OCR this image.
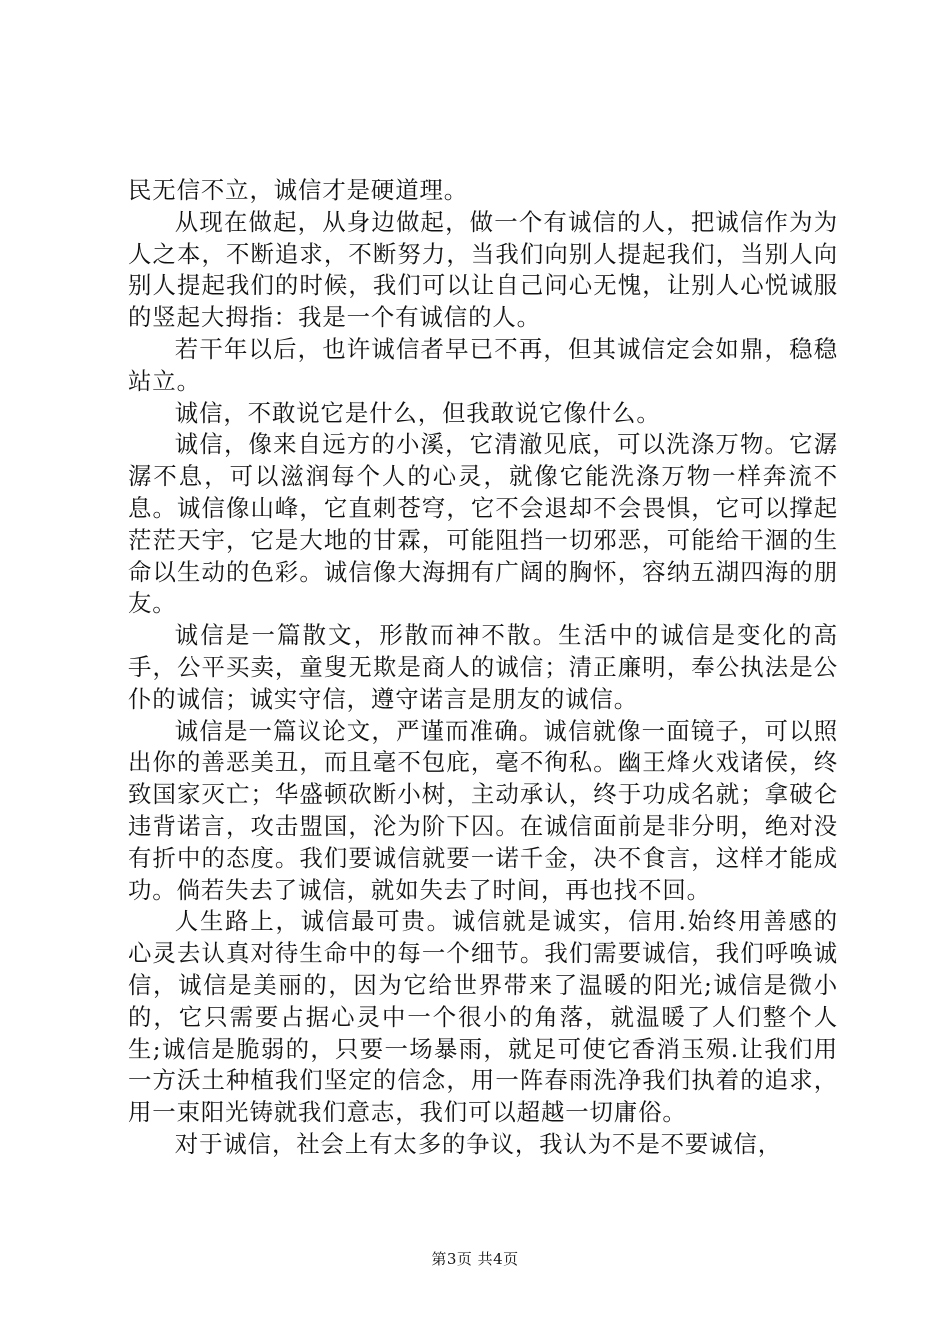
民无信不立，诚信才是硬道理。

从现在做起，从身边做起，做一个有诚信的人，把诚信作为为人之本，不断追求，不断努力，当我们向别人提起我们，当别人向别人提起我们的时候，我们可以让自己问心无愧，让别人心悦诚服的竖起大拇指：我是一个有诚信的人。

若干年以后，也许诚信者早已不再，但其诚信定会如鼎，稳稳站立。

诚信，不敢说它是什么，但我敢说它像什么。

诚信，像来自远方的小溪，它清澈见底，可以洗涤万物。它潺潺不息，可以滋润每个人的心灵，就像它能洗涤万物一样奔流不息。诚信像山峰，它直刺苍穹，它不会退却不会畏惧，它可以撑起茫茫天宇，它是大地的甘霖，可能阻挡一切邪恶，可能给干涸的生命以生动的色彩。诚信像大海拥有广阔的胸怀，容纳五湖四海的朋友。

诚信是一篇散文，形散而神不散。生活中的诚信是变化的高手，公平买卖，童叟无欺是商人的诚信；清正廉明，奉公执法是公仆的诚信；诚实守信，遵守诺言是朋友的诚信。

诚信是一篇议论文，严谨而准确。诚信就像一面镜子，可以照出你的善恶美丑，而且毫不包庇，毫不徇私。幽王烽火戏诸侯，终致国家灭亡；华盛顿砍断小树，主动承认，终于功成名就；拿破仑违背诺言，攻击盟国，沦为阶下囚。在诚信面前是非分明，绝对没有折中的态度。我们要诚信就要一诺千金，决不食言，这样才能成功。倘若失去了诚信，就如失去了时间，再也找不回。

人生路上，诚信最可贵。诚信就是诚实，信用.始终用善感的心灵去认真对待生命中的每一个细节。我们需要诚信，我们呼唤诚信，诚信是美丽的，因为它给世界带来了温暖的阳光;诚信是微小的，它只需要占据心灵中一个很小的角落，就温暖了人们整个人生;诚信是脆弱的，只要一场暴雨，就足可使它香消玉殒.让我们用一方沃土种植我们坚定的信念，用一阵春雨洗净我们执着的追求，用一束阳光铸就我们意志，我们可以超越一切庸俗。

对于诚信，社会上有太多的争议，我认为不是不要诚信，

第3页 共4页
